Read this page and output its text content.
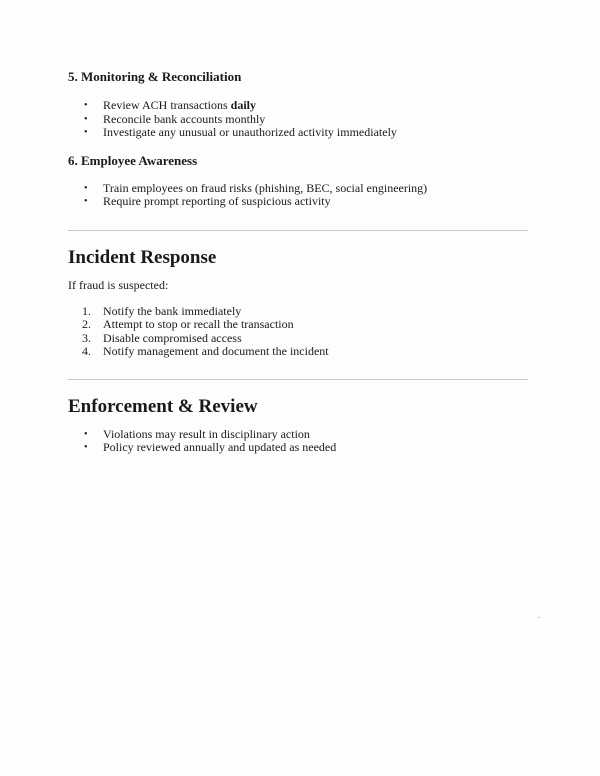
5. Monitoring & Reconciliation
• Review ACH transactions daily
• Reconcile bank accounts monthly
• Investigate any unusual or unauthorized activity immediately
6. Employee Awareness
• Train employees on fraud risks (phishing, BEC, social engineering)
• Require prompt reporting of suspicious activity
Incident Response

If fraud is suspected:

1. Notify the bank immediately
2. Attempt to stop or recall the transaction
3. Disable compromised access
4. Notify management and document the incident
Enforcement & Review
• Violations may result in disciplinary action
• Policy reviewed annually and updated as needed
